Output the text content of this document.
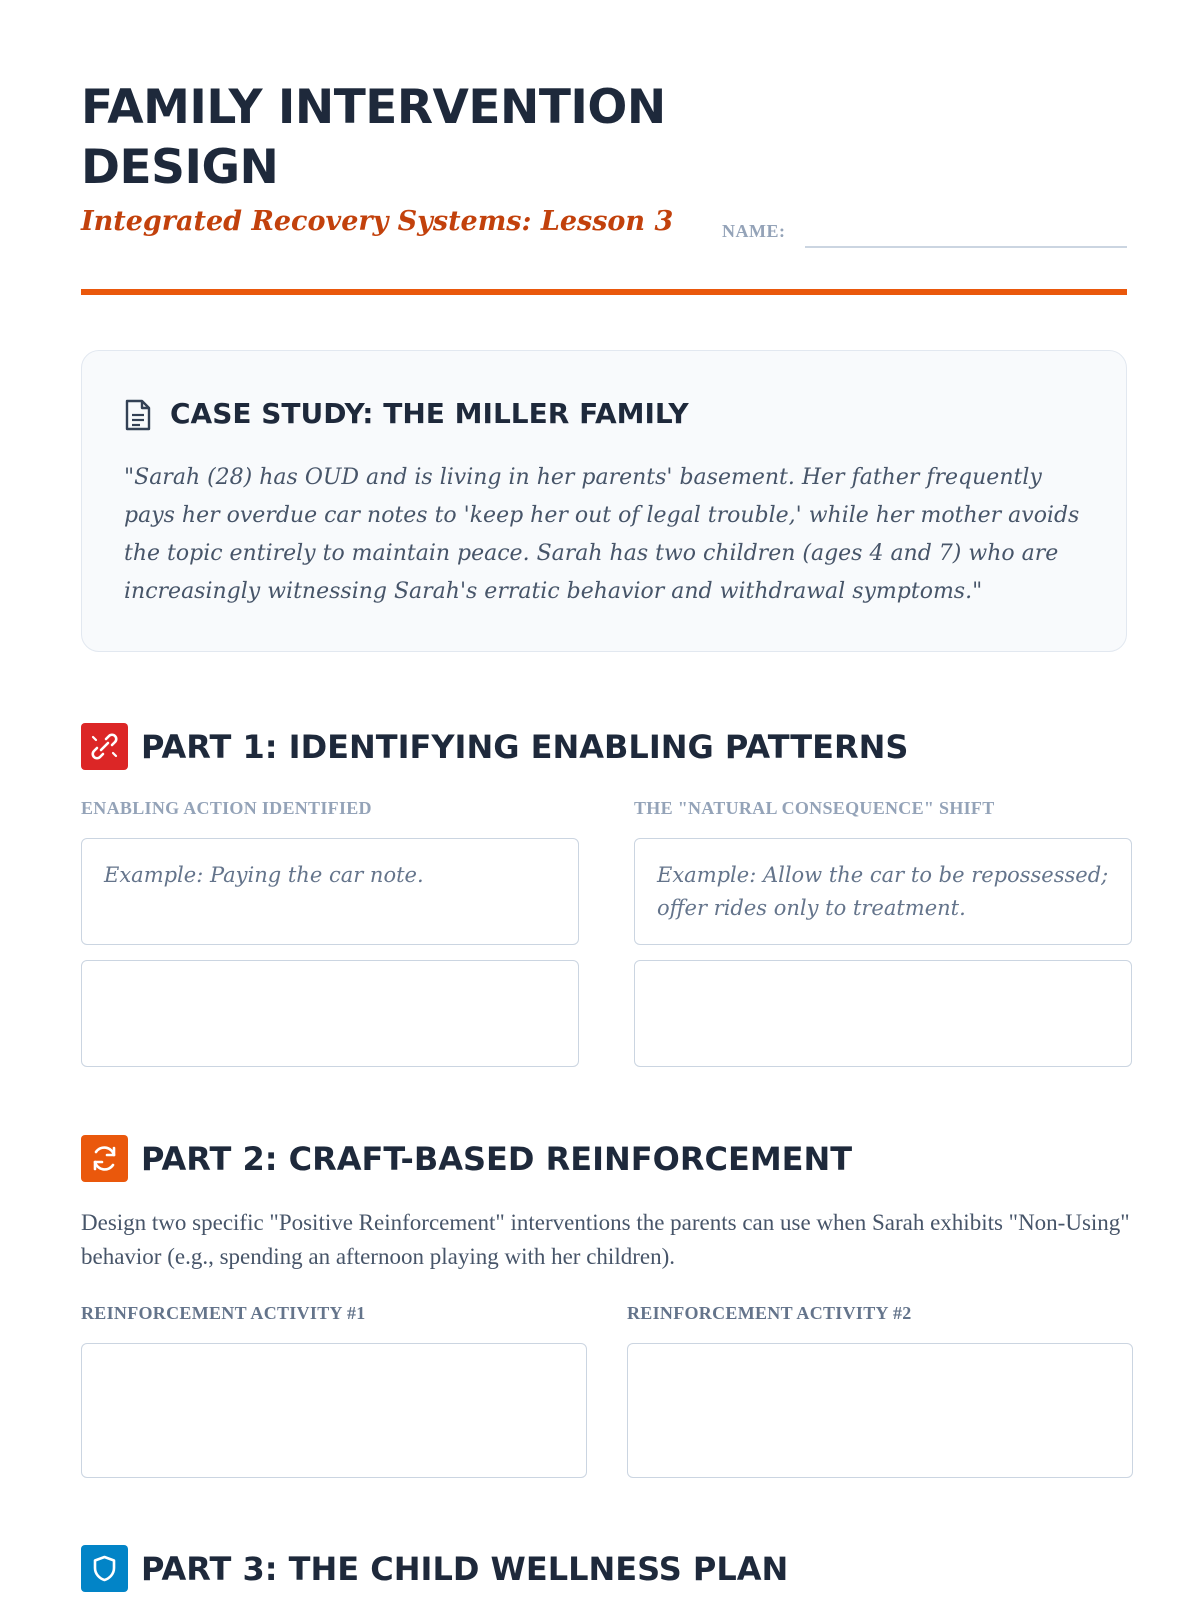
FAMILY INTERVENTION DESIGN
Integrated Recovery Systems: Lesson 3	NAME:
CASE STUDY: THE MILLER FAMILY
"Sarah (28) has OUD and is living in her parents' basement. Her father frequently pays her overdue car notes to 'keep her out of legal trouble,' while her mother avoids the topic entirely to maintain peace. Sarah has two children (ages 4 and 7) who are increasingly witnessing Sarah's erratic behavior and withdrawal symptoms."
PART 1: IDENTIFYING ENABLING PATTERNS
ENABLING ACTION IDENTIFIED	THE "NATURAL CONSEQUENCE" SHIFT
Example: Paying the car note.	Example: Allow the car to be repossessed; offer rides only to treatment.
PART 2: CRAFT-BASED REINFORCEMENT
Design two specific "Positive Reinforcement" interventions the parents can use when Sarah exhibits "Non-Using" behavior (e.g., spending an afternoon playing with her children).
REINFORCEMENT ACTIVITY #1	REINFORCEMENT ACTIVITY #2
PART 3: THE CHILD WELLNESS PLAN
